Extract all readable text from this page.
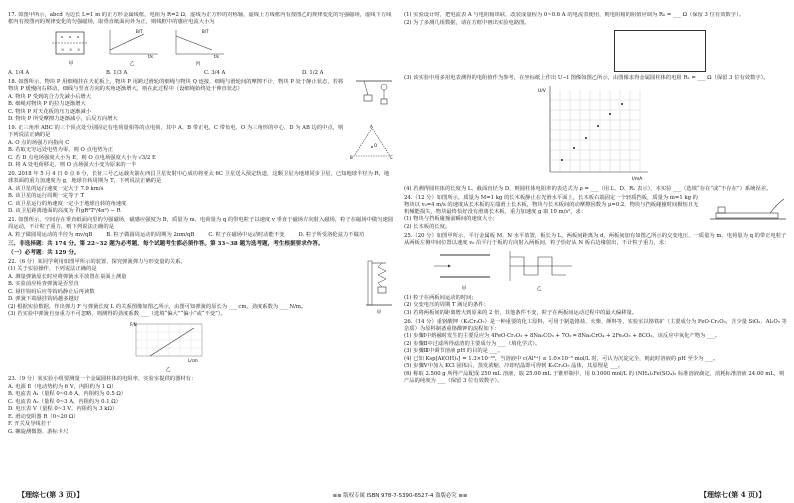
17. 如图甲所示，abcd 为边长 L=1 m 的正方形金属线框，电阻为 R=2 Ω，虚线为正方形的对称轴，虚线上方线框内有按图乙的规律变化的匀强磁场，虚线下方线框内有按图丙的规律变化的匀强磁场，取垂直纸面向外为正，则线框中的感应电流大小为

× × ×
甲
B/T
t/s
乙
B/T
t/s
丙
A. 1/4 A	B. 1/3 A	C. 3/4 A	D. 1/2 A

18. 如图所示，物块 P 用细绳挂在天花板上，物块 P 用跨过滑轮的细绳与物块 Q 连接，细绳与滑轮间的摩擦不计，物块 P 处于静止状态，若将物块 P 缓慢向右移动，细线与竖直方向的夹角逐渐增大，则在此过程中（设细绳始终处于伸直状态）

A. 物块 P 受到的合力先减小后增大

B. 细绳对物块 P 的拉力逐渐增大

C. 物块 P 对天花板的压力逐渐减小

D. 物块 P 所受摩擦力逐渐减小，后反方向增大

A
B	C
O

19. 正三角形 ABC 的三个顶点处分别固定有电荷量相等的点电荷，其中 A、B 带正电，C 带负电，O 为三角形的中心，D 为 AB 边的中点，则下列说法正确的是

A. O 点的场强方向指向 C

B. 若取无穷远处电势为零，则 O 点电势为正

C. 若 D 点电场强度大小为 E，则 O 点电场强度大小为 √3/2 E

D. 将 A 处电荷移走，则 O 点场强大小变为原来的一半

20. 2018 年 5 月 4 日 0 点 6 分，长征三号乙运载火箭在西昌卫星发射中心成功将亚太 6C 卫星送入预定轨道，这颗卫星为地球同步卫星，已知地球半径为 R，地球表面的重力加速度为 g，地球自转周期为 T，下列说法正确的是

A. 该卫星的运行速度一定大于 7.9 km/s

B. 该卫星的运行周期一定等于 T

C. 该卫星运行的角速度一定小于地球自转的角速度

D. 该卫星距离地面的高度为 ∛(gR²T²/4π²) − R

21. 如图所示，空间存在垂直纸面向里的匀强磁场，磁感应强度为 B，质量为 m、电荷量为 q 的带电粒子以速度 v 垂直于磁场方向射入磁场，粒子在磁场中做匀速圆周运动，不计粒子重力，则下列说法正确的是

A. 粒子做圆周运动的半径为 mv/qB	B. 粒子做圆周运动的周期为 2πm/qB	C. 粒子在磁场中运动时动能不变	D. 粒子所受洛伦兹力不做功
三、非选择题：共 174 分。第 22~32 题为必考题，每个试题考生都必须作答。第 33~38 题为选考题，考生根据要求作答。
（一）必考题：共 129 分。
甲

22.（6 分）某同学利用如图甲所示的装置，探究弹簧弹力与形变量的关系。

(1) 关于实验操作，下列说法正确的是

A. 测量弹簧原长时应将弹簧水平放置在桌面上测量

B. 实验前应检查弹簧是否竖直

C. 悬挂钩码后应等钩码静止后再读数

D. 弹簧下端悬挂钩码越多越好

(2) 根据实验数据，作出弹力 F 与弹簧长度 L 的关系图像如图乙所示，由图可知弹簧的原长为 ___ cm，劲度系数为 ___ N/m。

(3) 若实验中弹簧自身重力不可忽略，则测得的劲度系数 ___（选填“偏大”“偏小”或“不变”）。

F/N
L/cm
乙

23.（9 分）某实验小组要测量一个金属圆柱体的电阻率，实验室提供的器材有：

A. 电源 E（电动势约为 6 V，内阻约为 1 Ω）

B. 电流表 A₁（量程 0~0.6 A，内阻约为 0.5 Ω）

C. 电流表 A₂（量程 0~3 A，内阻约为 0.1 Ω）

D. 电压表 V（量程 0~3 V，内阻约为 3 kΩ）

E. 滑动变阻器 R（0~20 Ω）

F. 开关及导线若干

G. 螺旋测微器、游标卡尺

(1) 实验设计时，把电流表 A 与电阻箱串联，改装成量程为 0~0.6 A 的电流表使用，则电阻箱的阻值应调为 R₀ = ___ Ω（保留 3 位有效数字）。

(2) 为了多测几组数据，请在方框中画出实验电路图。

(3) 该实验中用多用电表测得的电阻值作为参考，在坐标纸上作出 U−I 图像如图乙所示，由图像求得金属圆柱体的电阻 Rₓ = ___ Ω（保留 3 位有效数字）。

U/V
I/mA

(4) 若测得圆柱体的长度为 L、截面直径为 D，则圆柱体电阻率的表达式为 ρ = ___（用 L、D、Rₓ 表示），本实验 ___（选填“存在”或“不存在”）系统误差。

24.（12 分）如图所示，质量为 M=1 kg 的长木板静止在光滑水平面上，长木板右端固定一个轻质挡板，质量为 m=1 kg 的物块以 v₀=4 m/s 的速度从长木板的左端滑上长木板，物块与长木板间的动摩擦因数为 μ=0.2，物块与挡板碰撞时间极短且无机械能损失，物块最终恰好没有滑离长木板，重力加速度 g 取 10 m/s²，求：

(1) 物块与挡板碰撞前瞬间的速度大小；

(2) 长木板的长度。

25.（20 分）如图甲所示，平行金属板 M、N 水平放置，板长为 L，两板间距离为 d，两板间加有如图乙所示的交变电压，一质量为 m、电荷量为 q 的带正电粒子从两板左侧中间位置以速度 v₀ 沿平行于板的方向射入两板间，粒子恰好从 N 板右边缘射出，不计粒子重力，求：

甲	乙

(1) 粒子在两板间运动的时间；

(2) 交变电压的周期 T 满足的条件；

(3) 若将两板间的距离增大到原来的 2 倍，其他条件不变，粒子在两板间运动过程中的最大偏移量。

26.（14 分）重铬酸钾（K₂Cr₂O₇）是一种重要的化工原料，可用于制造铬盐、火柴、颜料等，实验室以铬铁矿（主要成分为 FeO·Cr₂O₃，含少量 SiO₂、Al₂O₃ 等杂质）为原料制备重铬酸钾的流程如下：

(1) 步骤Ⅰ中熔融时发生的主要反应为 4FeO·Cr₂O₃ + 8Na₂CO₃ + 7O₂ ═ 8Na₂CrO₄ + 2Fe₂O₃ + 8CO₂，该反应中氧化产物为 ___。

(2) 步骤Ⅱ中过滤所得滤渣的主要成分为 ___（填化学式）。

(3) 步骤Ⅲ中调节溶液 pH 的目的是 ___。

(4) 已知 Ksp[Al(OH)₃] = 1.3×10⁻³³，当溶液中 c(Al³⁺) ≤ 1.0×10⁻⁵ mol/L 时，可认为沉淀完全，则此时溶液的 pH 至少为 ___。

(5) 步骤Ⅴ中加入 KCl 固体后，蒸发浓缩、冷却结晶即可得到 K₂Cr₂O₇ 晶体，其原理是 ___。

(6) 称取 2.500 g 所得产品配成 250 mL 溶液，取 25.00 mL 于锥形瓶中，用 0.1000 mol/L 的 (NH₄)₂Fe(SO₄)₂ 标准溶液滴定，消耗标准溶液 24.00 mL，则产品的纯度为 ___（保留 3 位有效数字）。

【理综七(第 3 页)】	≡≡ 版权专属 ISBN 978-7-5390-6527-4 盗版必究 ≡≡	【理综七(第 4 页)】
